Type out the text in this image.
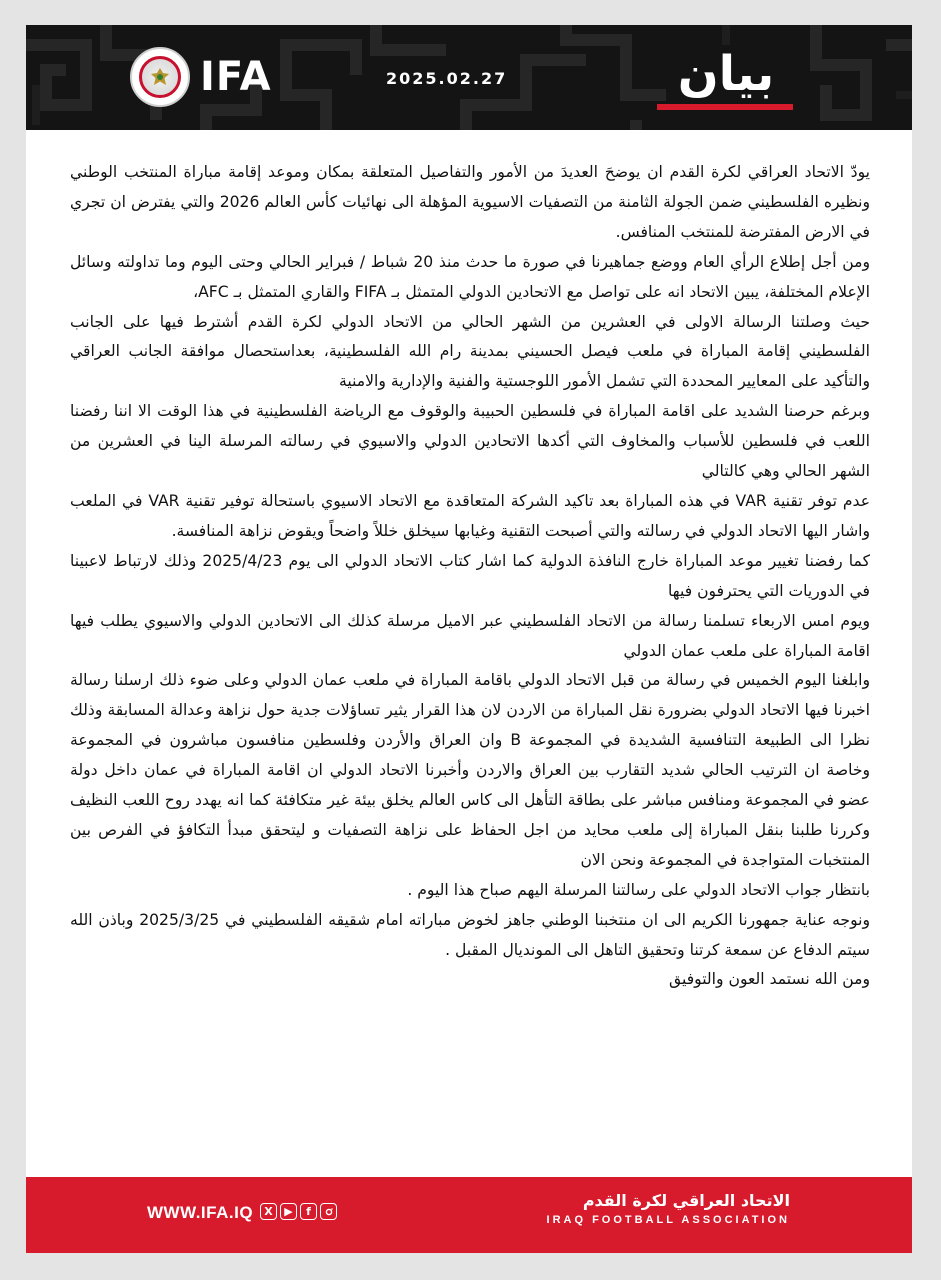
IFA	2025.02.27	بيان

يودّ الاتحاد العراقي لكرة القدم ان يوضحَ العديدَ من الأمور والتفاصيل المتعلقة بمكان وموعد إقامة مباراة المنتخب الوطني ونظيره الفلسطيني ضمن الجولة الثامنة من التصفيات الاسيوية المؤهلة الى نهائيات كأس العالم 2026 والتي يفترض ان تجري في الارض المفترضة للمنتخب المنافس.

ومن أجل إطلاع الرأي العام ووضع جماهيرنا في صورة ما حدث منذ 20 شباط / فبراير الحالي وحتى اليوم وما تداولته وسائل الإعلام المختلفة، يبين الاتحاد انه على تواصل مع الاتحادين الدولي المتمثل بـ FIFA والقاري المتمثل بـ AFC،

حيث وصلتنا الرسالة الاولى في العشرين من الشهر الحالي من الاتحاد الدولي لكرة القدم أشترط فيها على الجانب الفلسطيني إقامة المباراة في ملعب فيصل الحسيني بمدينة رام الله الفلسطينية، بعداستحصال موافقة الجانب العراقي والتأكيد على المعايير المحددة التي تشمل الأمور اللوجستية والفنية والإدارية والامنية

وبرغم حرصنا الشديد على اقامة المباراة في فلسطين الحبيبة والوقوف مع الرياضة الفلسطينية في هذا الوقت الا اننا رفضنا اللعب في فلسطين للأسباب والمخاوف التي أكدها الاتحادين الدولي والاسيوي في رسالته المرسلة الينا في العشرين من الشهر الحالي وهي كالتالي

عدم توفر تقنية VAR في هذه المباراة بعد تاكيد الشركة المتعاقدة مع الاتحاد الاسيوي باستحالة توفير تقنية VAR في الملعب واشار اليها الاتحاد الدولي في رسالته والتي أصبحت التقنية وغيابها سيخلق خللاً واضحاً ويقوض نزاهة المنافسة.

كما رفضنا تغيير موعد المباراة خارج النافذة الدولية كما اشار كتاب الاتحاد الدولي الى يوم 2025/4/23 وذلك لارتباط لاعبينا في الدوريات التي يحترفون فيها

ويوم امس الاربعاء تسلمنا رسالة من الاتحاد الفلسطيني عبر الاميل مرسلة كذلك الى الاتحادين الدولي والاسيوي يطلب فيها اقامة المباراة على ملعب عمان الدولي

وابلغنا اليوم الخميس في رسالة من قبل الاتحاد الدولي باقامة المباراة في ملعب عمان الدولي وعلى ضوء ذلك ارسلنا رسالة اخبرنا فيها الاتحاد الدولي بضرورة نقل المباراة من الاردن لان هذا القرار يثير تساؤلات جدية حول نزاهة وعدالة المسابقة وذلك نظرا الى الطبيعة التنافسية الشديدة في المجموعة B وان العراق والأردن وفلسطين منافسون مباشرون في المجموعة وخاصة ان الترتيب الحالي شديد التقارب بين العراق والاردن وأخبرنا الاتحاد الدولي ان اقامة المباراة في عمان داخل دولة عضو في المجموعة ومنافس مباشر على بطاقة التأهل الى كاس العالم يخلق بيئة غير متكافئة كما انه يهدد روح اللعب النظيف وكررنا طلبنا بنقل المباراة إلى ملعب محايد من اجل الحفاظ على نزاهة التصفيات و ليتحقق مبدأ التكافؤ في الفرص بين المنتخبات المتواجدة في المجموعة ونحن الان

بانتظار جواب الاتحاد الدولي على رسالتنا المرسلة اليهم صباح هذا اليوم .

ونوجه عناية جمهورنا الكريم الى ان منتخبنا الوطني جاهز لخوض مباراته امام شقيقه الفلسطيني في 2025/3/25 وباذن الله سيتم الدفاع عن سمعة كرتنا وتحقيق التاهل الى المونديال المقبل .

ومن الله نستمد العون والتوفيق

WWW.IFA.IQ	X	▶	f
الاتحاد العراقي لكرة القدم
IRAQ FOOTBALL ASSOCIATION
